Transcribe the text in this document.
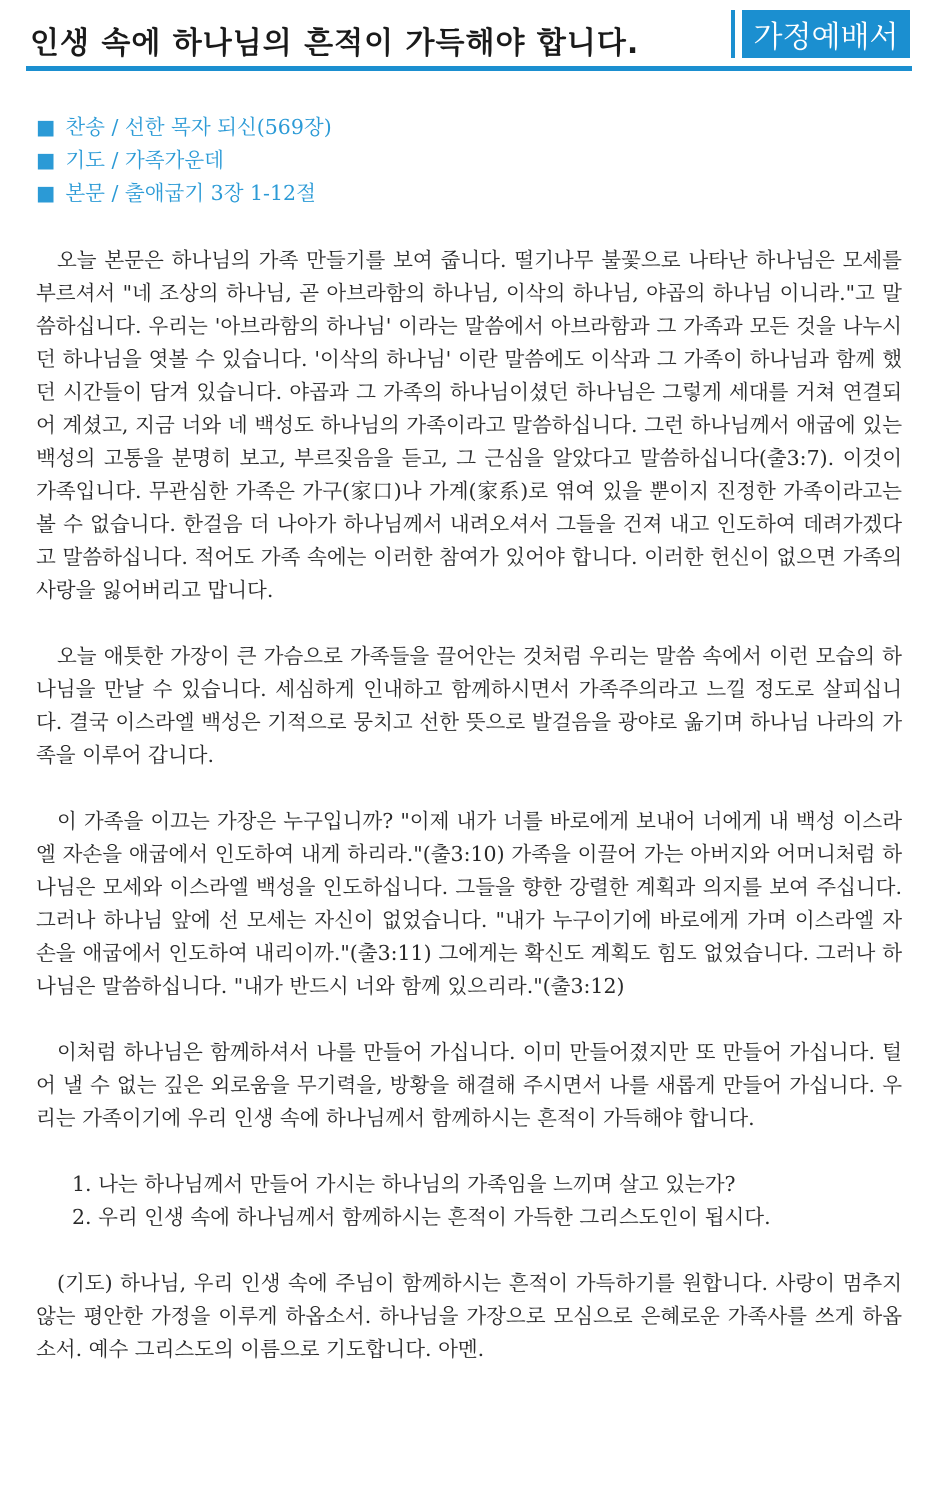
인생 속에 하나님의 흔적이 가득해야 합니다.	가정예배서
■ 찬송 / 선한 목자 되신(569장)
■ 기도 / 가족가운데
■ 본문 / 출애굽기 3장 1-12절

오늘 본문은 하나님의 가족 만들기를 보여 줍니다. 떨기나무 불꽃으로 나타난 하나님은 모세를 부르셔서 "네 조상의 하나님, 곧 아브라함의 하나님, 이삭의 하나님, 야곱의 하나님 이니라."고 말씀하십니다. 우리는 '아브라함의 하나님' 이라는 말씀에서 아브라함과 그 가족과 모든 것을 나누시던 하나님을 엿볼 수 있습니다. '이삭의 하나님' 이란 말씀에도 이삭과 그 가족이 하나님과 함께 했던 시간들이 담겨 있습니다. 야곱과 그 가족의 하나님이셨던 하나님은 그렇게 세대를 거쳐 연결되어 계셨고, 지금 너와 네 백성도 하나님의 가족이라고 말씀하십니다. 그런 하나님께서 애굽에 있는 백성의 고통을 분명히 보고, 부르짖음을 듣고, 그 근심을 알았다고 말씀하십니다(출3:7). 이것이 가족입니다. 무관심한 가족은 가구(家口)나 가계(家系)로 엮여 있을 뿐이지 진정한 가족이라고는 볼 수 없습니다. 한걸음 더 나아가 하나님께서 내려오셔서 그들을 건져 내고 인도하여 데려가겠다고 말씀하십니다. 적어도 가족 속에는 이러한 참여가 있어야 합니다. 이러한 헌신이 없으면 가족의 사랑을 잃어버리고 맙니다.

오늘 애틋한 가장이 큰 가슴으로 가족들을 끌어안는 것처럼 우리는 말씀 속에서 이런 모습의 하나님을 만날 수 있습니다. 세심하게 인내하고 함께하시면서 가족주의라고 느낄 정도로 살피십니다. 결국 이스라엘 백성은 기적으로 뭉치고 선한 뜻으로 발걸음을 광야로 옮기며 하나님 나라의 가족을 이루어 갑니다.

이 가족을 이끄는 가장은 누구입니까? "이제 내가 너를 바로에게 보내어 너에게 내 백성 이스라엘 자손을 애굽에서 인도하여 내게 하리라."(출3:10) 가족을 이끌어 가는 아버지와 어머니처럼 하나님은 모세와 이스라엘 백성을 인도하십니다. 그들을 향한 강렬한 계획과 의지를 보여 주십니다. 그러나 하나님 앞에 선 모세는 자신이 없었습니다. "내가 누구이기에 바로에게 가며 이스라엘 자손을 애굽에서 인도하여 내리이까."(출3:11) 그에게는 확신도 계획도 힘도 없었습니다. 그러나 하나님은 말씀하십니다. "내가 반드시 너와 함께 있으리라."(출3:12)

이처럼 하나님은 함께하셔서 나를 만들어 가십니다. 이미 만들어졌지만 또 만들어 가십니다. 털어 낼 수 없는 깊은 외로움을 무기력을, 방황을 해결해 주시면서 나를 새롭게 만들어 가십니다. 우리는 가족이기에 우리 인생 속에 하나님께서 함께하시는 흔적이 가득해야 합니다.

1. 나는 하나님께서 만들어 가시는 하나님의 가족임을 느끼며 살고 있는가?
2. 우리 인생 속에 하나님께서 함께하시는 흔적이 가득한 그리스도인이 됩시다.

(기도) 하나님, 우리 인생 속에 주님이 함께하시는 흔적이 가득하기를 원합니다. 사랑이 멈추지 않는 평안한 가정을 이루게 하옵소서. 하나님을 가장으로 모심으로 은혜로운 가족사를 쓰게 하옵소서. 예수 그리스도의 이름으로 기도합니다. 아멘.
